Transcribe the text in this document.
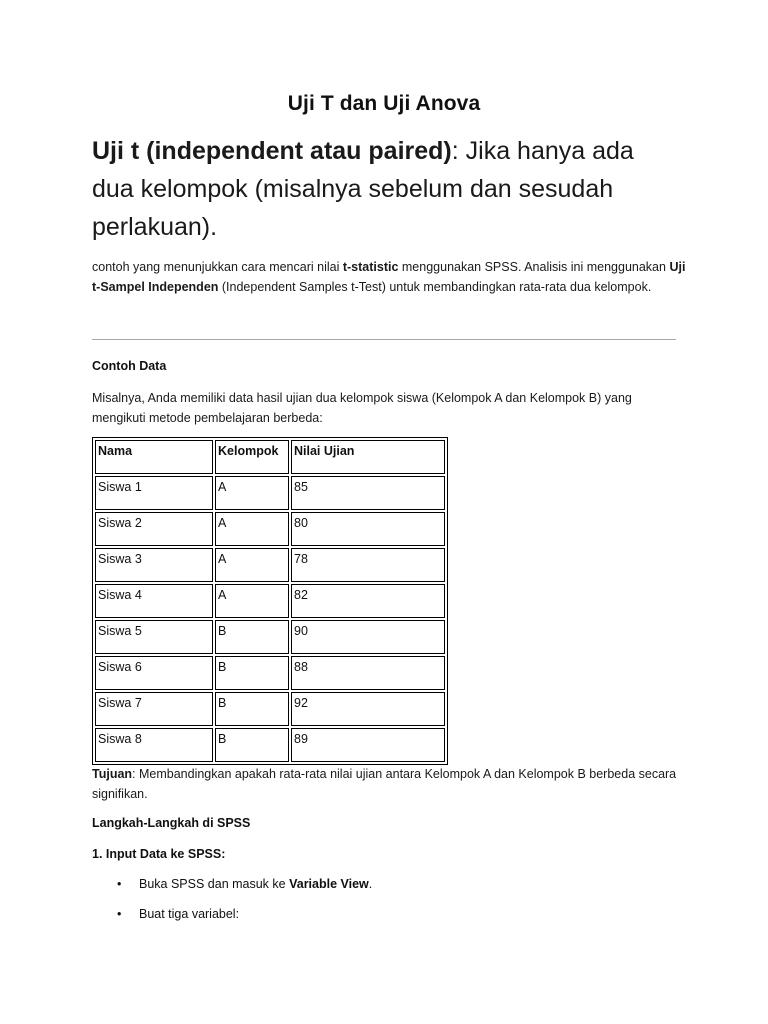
Uji T dan Uji Anova
Uji t (independent atau paired): Jika hanya ada dua kelompok (misalnya sebelum dan sesudah perlakuan).
contoh yang menunjukkan cara mencari nilai t-statistic menggunakan SPSS. Analisis ini menggunakan Uji t-Sampel Independen (Independent Samples t-Test) untuk membandingkan rata-rata dua kelompok.
Contoh Data
Misalnya, Anda memiliki data hasil ujian dua kelompok siswa (Kelompok A dan Kelompok B) yang mengikuti metode pembelajaran berbeda:
Nama	Kelompok	Nilai Ujian

Siswa 1	A	85

Siswa 2	A	80

Siswa 3	A	78

Siswa 4	A	82

Siswa 5	B	90

Siswa 6	B	88

Siswa 7	B	92

Siswa 8	B	89
Tujuan: Membandingkan apakah rata-rata nilai ujian antara Kelompok A dan Kelompok B berbeda secara signifikan.
Langkah-Langkah di SPSS
1. Input Data ke SPSS:
• Buka SPSS dan masuk ke Variable View.
• Buat tiga variabel:
